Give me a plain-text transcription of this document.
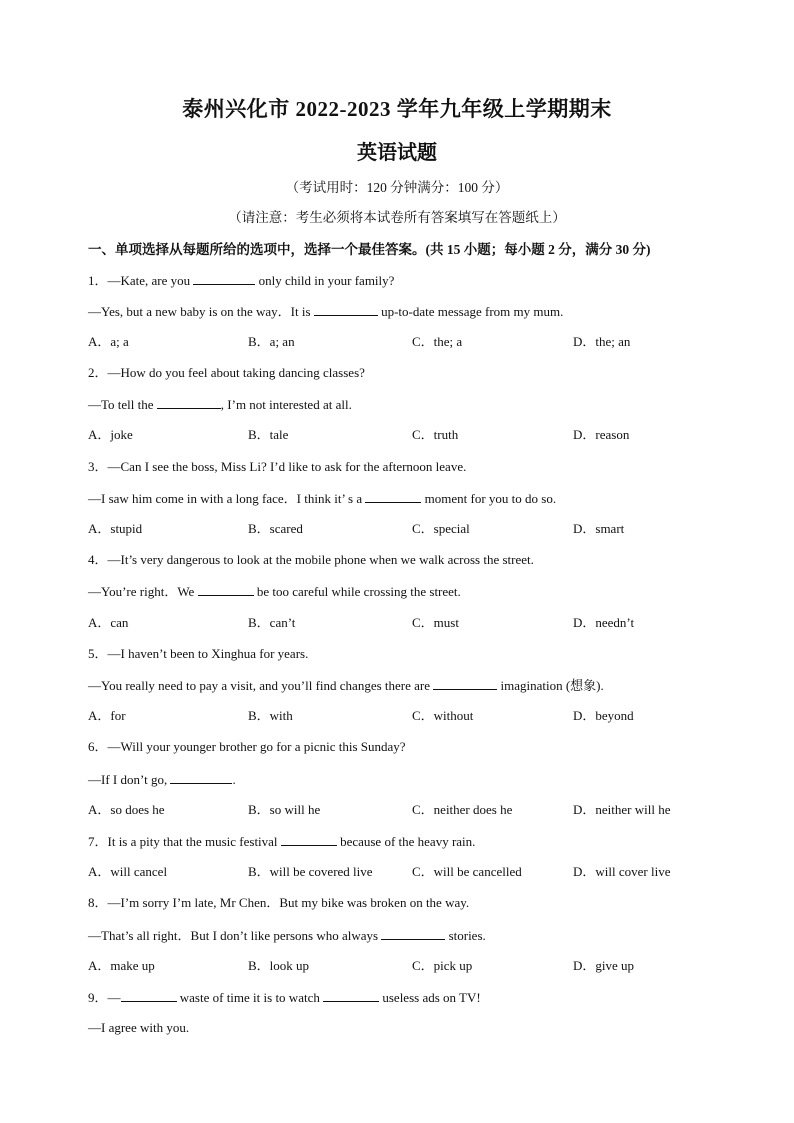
泰州兴化市 2022-2023 学年九年级上学期期末
英语试题
（考试用时：120 分钟满分：100 分）
（请注意：考生必须将本试卷所有答案填写在答题纸上）
一、单项选择从每题所给的选项中，选择一个最佳答案。(共 15 小题；每小题 2 分，满分 30 分)
1．—Kate, are you	only child in your family?
—Yes, but a new baby is on the way．It is	up-to-date message from my mum.
A．a; a	B．a; an	C．the; a	D．the; an
2．—How do you feel about taking dancing classes?
—To tell the	, I’m not interested at all.
A．joke	B．tale	C．truth	D．reason
3．—Can I see the boss, Miss Li? I’d like to ask for the afternoon leave.
—I saw him come in with a long face．I think it’ s a	moment for you to do so.
A．stupid	B．scared	C．special	D．smart
4．—It’s very dangerous to look at the mobile phone when we walk across the street.
—You’re right．We	be too careful while crossing the street.
A．can	B．can’t	C．must	D．needn’t
5．—I haven’t been to Xinghua for years.
—You really need to pay a visit, and you’ll find changes there are	imagination (想象).
A．for	B．with	C．without	D．beyond
6．—Will your younger brother go for a picnic this Sunday?
—If I don’t go,	.
A．so does he	B．so will he	C．neither does he	D．neither will he
7．It is a pity that the music festival	because of the heavy rain.
A．will cancel	B．will be covered live	C．will be cancelled	D．will cover live
8．—I’m sorry I’m late, Mr Chen．But my bike was broken on the way.
—That’s all right．But I don’t like persons who always	stories.
A．make up	B．look up	C．pick up	D．give up
9．—	waste of time it is to watch	useless ads on TV!
—I agree with you.
